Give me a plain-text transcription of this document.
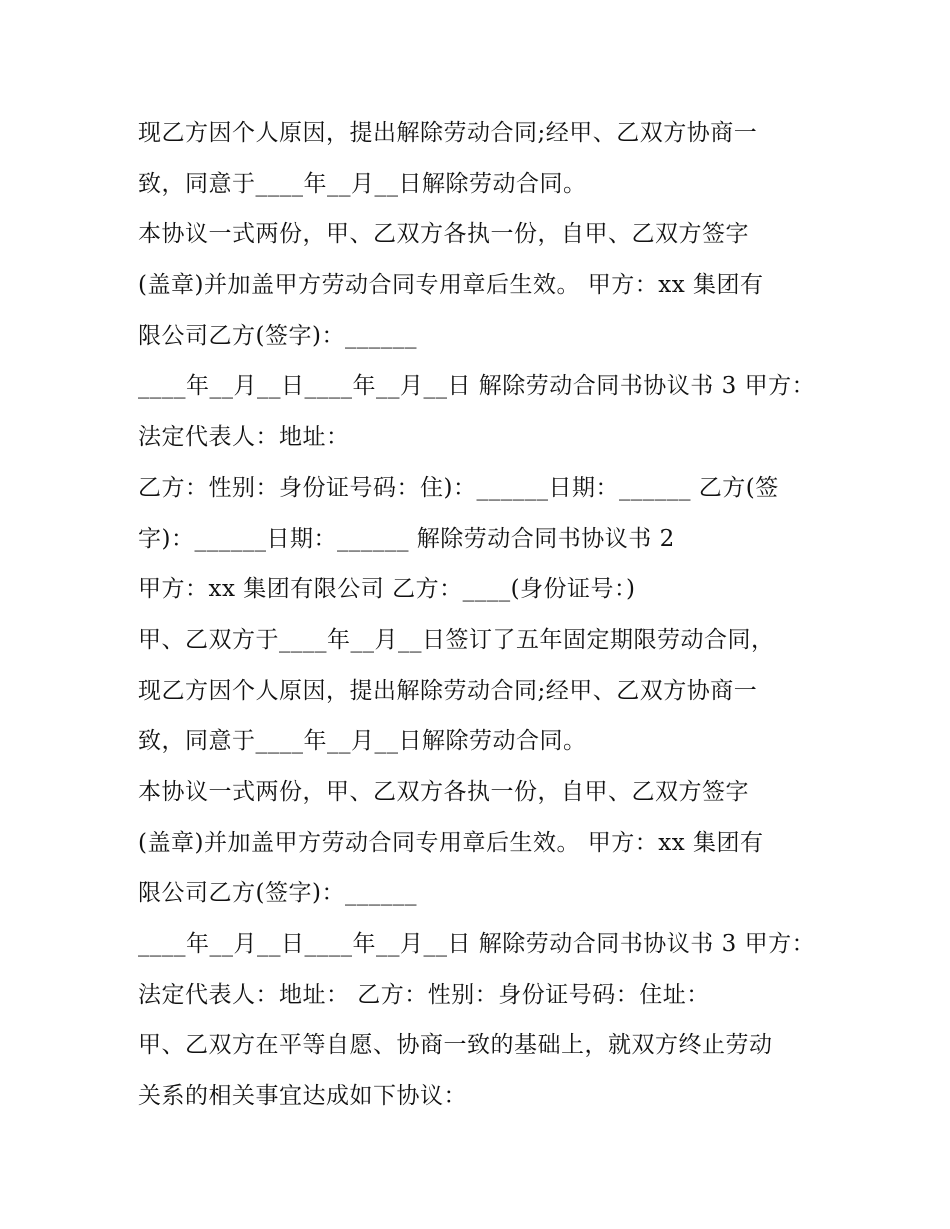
现乙方因个人原因，提出解除劳动合同;经甲、乙双方协商一
致，同意于____年__月__日解除劳动合同。
本协议一式两份，甲、乙双方各执一份，自甲、乙双方签字
(盖章)并加盖甲方劳动合同专用章后生效。 甲方：xx 集团有
限公司乙方(签字)：______
____年__月__日____年__月__日 解除劳动合同书协议书 3 甲方：
法定代表人：地址：
乙方：性别：身份证号码：住)：______日期：______ 乙方(签
字)：______日期：______ 解除劳动合同书协议书 2
甲方：xx 集团有限公司 乙方：____(身份证号：)
甲、乙双方于____年__月__日签订了五年固定期限劳动合同，
现乙方因个人原因，提出解除劳动合同;经甲、乙双方协商一
致，同意于____年__月__日解除劳动合同。
本协议一式两份，甲、乙双方各执一份，自甲、乙双方签字
(盖章)并加盖甲方劳动合同专用章后生效。 甲方：xx 集团有
限公司乙方(签字)：______
____年__月__日____年__月__日 解除劳动合同书协议书 3 甲方：
法定代表人：地址： 乙方：性别：身份证号码：住址：
甲、乙双方在平等自愿、协商一致的基础上，就双方终止劳动
关系的相关事宜达成如下协议：
